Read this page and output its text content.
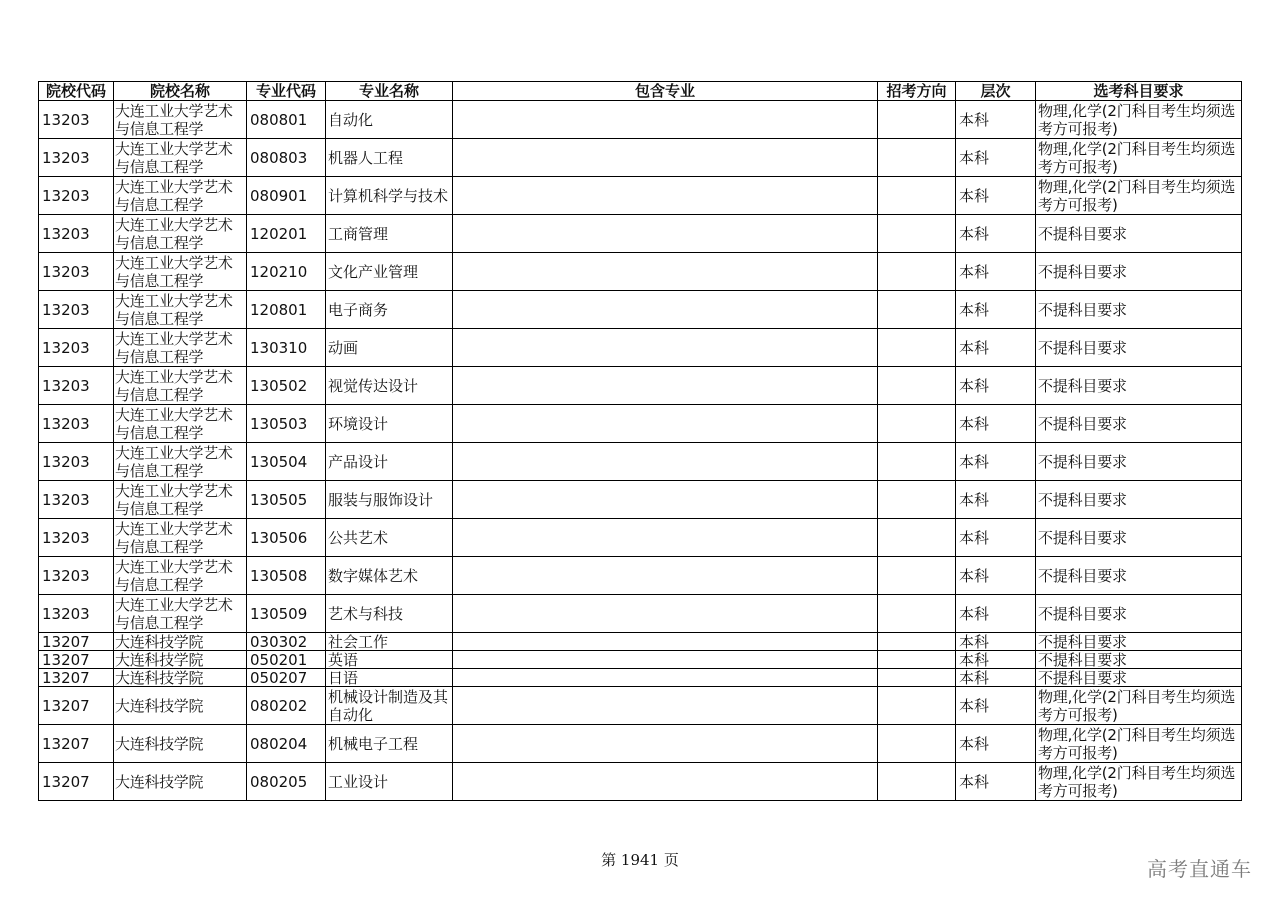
院校代码	院校名称	专业代码	专业名称	包含专业	招考方向	层次	选考科目要求
13203	大连工业大学艺术与信息工程学	080801	自动化			本科	物理,化学(2门科目考生均须选考方可报考)
13203	大连工业大学艺术与信息工程学	080803	机器人工程			本科	物理,化学(2门科目考生均须选考方可报考)
13203	大连工业大学艺术与信息工程学	080901	计算机科学与技术			本科	物理,化学(2门科目考生均须选考方可报考)
13203	大连工业大学艺术与信息工程学	120201	工商管理			本科	不提科目要求
13203	大连工业大学艺术与信息工程学	120210	文化产业管理			本科	不提科目要求
13203	大连工业大学艺术与信息工程学	120801	电子商务			本科	不提科目要求
13203	大连工业大学艺术与信息工程学	130310	动画			本科	不提科目要求
13203	大连工业大学艺术与信息工程学	130502	视觉传达设计			本科	不提科目要求
13203	大连工业大学艺术与信息工程学	130503	环境设计			本科	不提科目要求
13203	大连工业大学艺术与信息工程学	130504	产品设计			本科	不提科目要求
13203	大连工业大学艺术与信息工程学	130505	服装与服饰设计			本科	不提科目要求
13203	大连工业大学艺术与信息工程学	130506	公共艺术			本科	不提科目要求
13203	大连工业大学艺术与信息工程学	130508	数字媒体艺术			本科	不提科目要求
13203	大连工业大学艺术与信息工程学	130509	艺术与科技			本科	不提科目要求
13207	大连科技学院	030302	社会工作			本科	不提科目要求
13207	大连科技学院	050201	英语			本科	不提科目要求
13207	大连科技学院	050207	日语			本科	不提科目要求
13207	大连科技学院	080202	机械设计制造及其自动化			本科	物理,化学(2门科目考生均须选考方可报考)
13207	大连科技学院	080204	机械电子工程			本科	物理,化学(2门科目考生均须选考方可报考)
13207	大连科技学院	080205	工业设计			本科	物理,化学(2门科目考生均须选考方可报考)
第 1941 页	高考直通车
